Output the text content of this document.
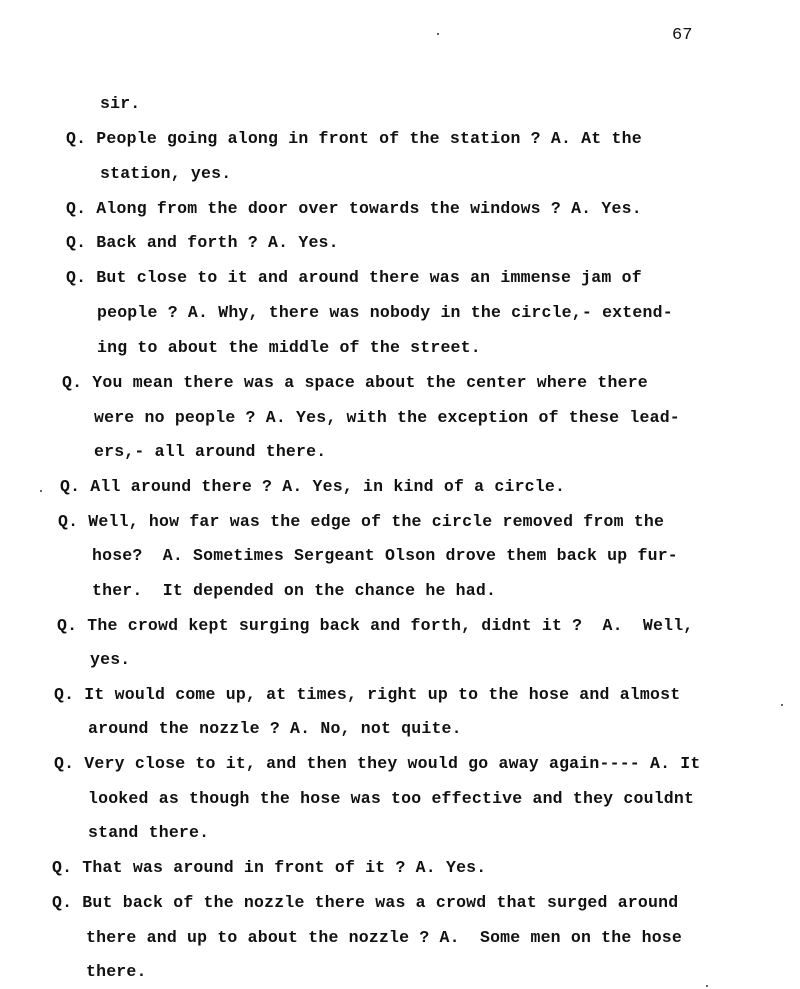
67
sir.
Q. People going along in front of the station ? A. At the
station, yes.
Q. Along from the door over towards the windows ? A. Yes.
Q. Back and forth ? A. Yes.
Q. But close to it and around there was an immense jam of
people ? A. Why, there was nobody in the circle,- extend-
ing to about the middle of the street.
Q. You mean there was a space about the center where there
were no people ? A. Yes, with the exception of these lead-
ers,- all around there.
Q. All around there ? A. Yes, in kind of a circle.
Q. Well, how far was the edge of the circle removed from the
hose?  A. Sometimes Sergeant Olson drove them back up fur-
ther.  It depended on the chance he had.
Q. The crowd kept surging back and forth, didnt it ?  A.  Well,
yes.
Q. It would come up, at times, right up to the hose and almost
around the nozzle ? A. No, not quite.
Q. Very close to it, and then they would go away again---- A. It
looked as though the hose was too effective and they couldnt
stand there.
Q. That was around in front of it ? A. Yes.
Q. But back of the nozzle there was a crowd that surged around
there and up to about the nozzle ? A.  Some men on the hose
there.
